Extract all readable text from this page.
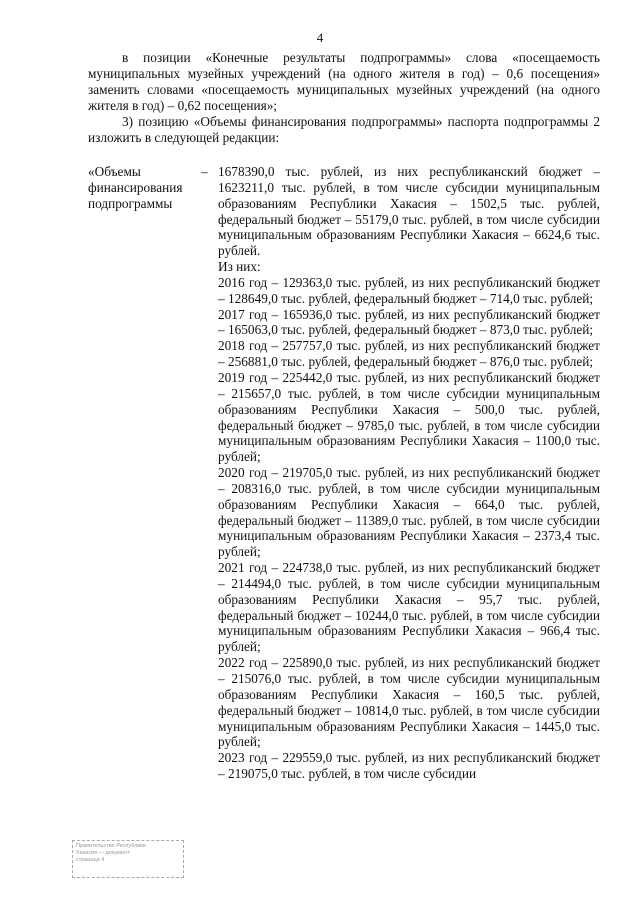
4

в позиции «Конечные результаты подпрограммы» слова «посещаемость муниципальных музейных учреждений (на одного жителя в год) – 0,6 посещения» заменить словами «посещаемость муниципальных музейных учреждений (на одного жителя в год) – 0,62 посещения»;

3) позицию «Объемы финансирования подпрограммы» паспорта подпрограммы 2 изложить в следующей редакции:

«Объемы финансирования подпрограммы
– 1678390,0 тыс. рублей, из них республиканский бюджет – 1623211,0 тыс. рублей, в том числе субсидии муниципальным образованиям Республики Хакасия – 1502,5 тыс. рублей, федеральный бюджет – 55179,0 тыс. рублей, в том числе субсидии муниципальным образованиям Республики Хакасия – 6624,6 тыс. рублей.

Из них:

2016 год – 129363,0 тыс. рублей, из них республиканский бюджет – 128649,0 тыс. рублей, федеральный бюджет – 714,0 тыс. рублей;

2017 год – 165936,0 тыс. рублей, из них республиканский бюджет – 165063,0 тыс. рублей, федеральный бюджет – 873,0 тыс. рублей;

2018 год – 257757,0 тыс. рублей, из них республиканский бюджет – 256881,0 тыс. рублей, федеральный бюджет – 876,0 тыс. рублей;

2019 год – 225442,0 тыс. рублей, из них республиканский бюджет – 215657,0 тыс. рублей, в том числе субсидии муниципальным образованиям Республики Хакасия – 500,0 тыс. рублей, федеральный бюджет – 9785,0 тыс. рублей, в том числе субсидии муниципальным образованиям Республики Хакасия – 1100,0 тыс. рублей;

2020 год – 219705,0 тыс. рублей, из них республиканский бюджет – 208316,0 тыс. рублей, в том числе субсидии муниципальным образованиям Республики Хакасия – 664,0 тыс. рублей, федеральный бюджет – 11389,0 тыс. рублей, в том числе субсидии муниципальным образованиям Республики Хакасия – 2373,4 тыс. рублей;

2021 год – 224738,0 тыс. рублей, из них республиканский бюджет – 214494,0 тыс. рублей, в том числе субсидии муниципальным образованиям Республики Хакасия – 95,7 тыс. рублей, федеральный бюджет – 10244,0 тыс. рублей, в том числе субсидии муниципальным образованиям Республики Хакасия – 966,4 тыс. рублей;

2022 год – 225890,0 тыс. рублей, из них республиканский бюджет – 215076,0 тыс. рублей, в том числе субсидии муниципальным образованиям Республики Хакасия – 160,5 тыс. рублей, федеральный бюджет – 10814,0 тыс. рублей, в том числе субсидии муниципальным образованиям Республики Хакасия – 1445,0 тыс. рублей;

2023 год – 229559,0 тыс. рублей, из них республиканский бюджет – 219075,0 тыс. рублей, в том числе субсидии

Правительство Республики
Хакасия — документ
страница 4
